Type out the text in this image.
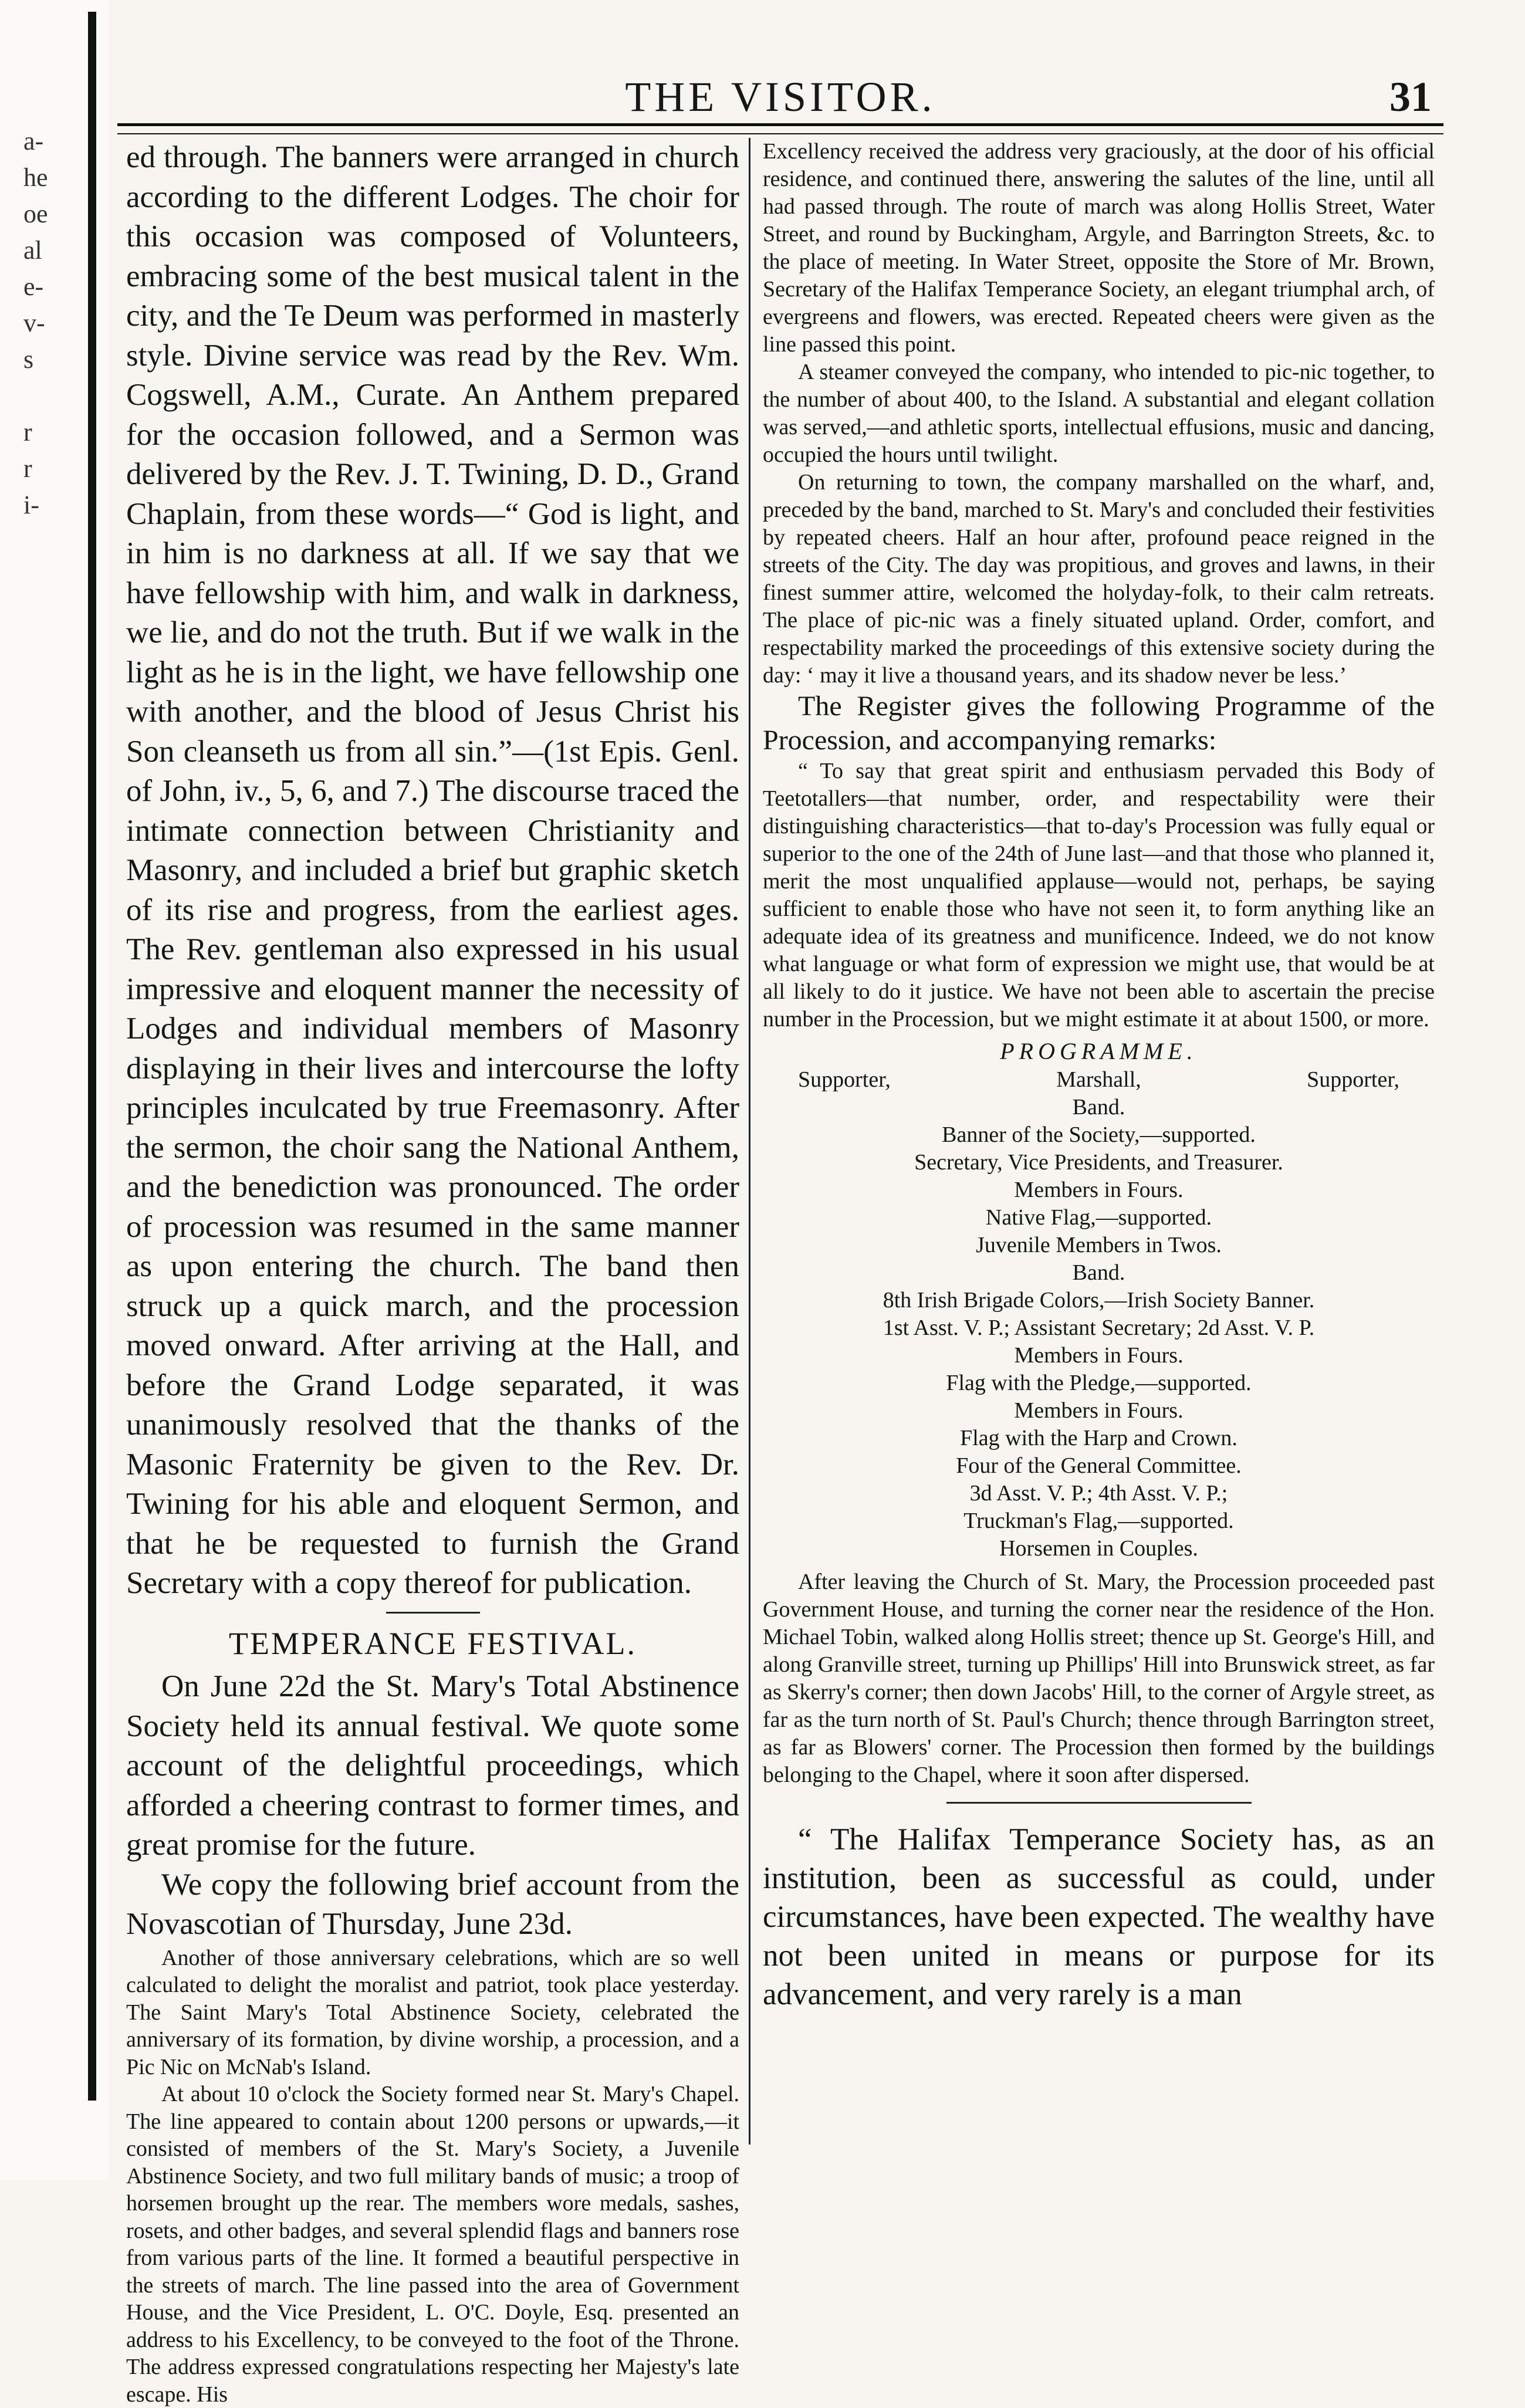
a-
he
oe
al
e-
v-
s
r
r
i-
THE VISITOR.	31

ed through. The banners were arranged in church according to the different Lodges. The choir for this occasion was composed of Volunteers, embracing some of the best musical talent in the city, and the Te Deum was performed in masterly style. Divine service was read by the Rev. Wm. Cogswell, A.M., Curate. An Anthem prepared for the occasion followed, and a Sermon was delivered by the Rev. J. T. Twining, D. D., Grand Chaplain, from these words—“ God is light, and in him is no darkness at all. If we say that we have fellowship with him, and walk in darkness, we lie, and do not the truth. But if we walk in the light as he is in the light, we have fellowship one with another, and the blood of Jesus Christ his Son cleanseth us from all sin.”—(1st Epis. Genl. of John, iv., 5, 6, and 7.) The discourse traced the intimate connection between Christianity and Masonry, and included a brief but graphic sketch of its rise and progress, from the earliest ages. The Rev. gentleman also expressed in his usual impressive and eloquent manner the necessity of Lodges and individual members of Masonry displaying in their lives and intercourse the lofty principles inculcated by true Freemasonry. After the sermon, the choir sang the National Anthem, and the benediction was pronounced. The order of procession was resumed in the same manner as upon entering the church. The band then struck up a quick march, and the procession moved onward. After arriving at the Hall, and before the Grand Lodge separated, it was unanimously resolved that the thanks of the Masonic Fraternity be given to the Rev. Dr. Twining for his able and eloquent Sermon, and that he be requested to furnish the Grand Secretary with a copy thereof for publication.

TEMPERANCE FESTIVAL.

On June 22d the St. Mary's Total Abstinence Society held its annual festival. We quote some account of the delightful proceedings, which afforded a cheering contrast to former times, and great promise for the future.

We copy the following brief account from the Novascotian of Thursday, June 23d.

Another of those anniversary celebrations, which are so well calculated to delight the moralist and patriot, took place yesterday. The Saint Mary's Total Abstinence Society, celebrated the anniversary of its formation, by divine worship, a procession, and a Pic Nic on McNab's Island.

At about 10 o'clock the Society formed near St. Mary's Chapel. The line appeared to contain about 1200 persons or upwards,—it consisted of members of the St. Mary's Society, a Juvenile Abstinence Society, and two full military bands of music; a troop of horsemen brought up the rear. The members wore medals, sashes, rosets, and other badges, and several splendid flags and banners rose from various parts of the line. It formed a beautiful perspective in the streets of march. The line passed into the area of Government House, and the Vice President, L. O'C. Doyle, Esq. presented an address to his Excellency, to be conveyed to the foot of the Throne. The address expressed congratulations respecting her Majesty's late escape. His

Excellency received the address very graciously, at the door of his official residence, and continued there, answering the salutes of the line, until all had passed through. The route of march was along Hollis Street, Water Street, and round by Buckingham, Argyle, and Barrington Streets, &c. to the place of meeting. In Water Street, opposite the Store of Mr. Brown, Secretary of the Halifax Temperance Society, an elegant triumphal arch, of evergreens and flowers, was erected. Repeated cheers were given as the line passed this point.

A steamer conveyed the company, who intended to pic-nic together, to the number of about 400, to the Island. A substantial and elegant collation was served,—and athletic sports, intellectual effusions, music and dancing, occupied the hours until twilight.

On returning to town, the company marshalled on the wharf, and, preceded by the band, marched to St. Mary's and concluded their festivities by repeated cheers. Half an hour after, profound peace reigned in the streets of the City. The day was propitious, and groves and lawns, in their finest summer attire, welcomed the holyday-folk, to their calm retreats. The place of pic-nic was a finely situated upland. Order, comfort, and respectability marked the proceedings of this extensive society during the day: ‘ may it live a thousand years, and its shadow never be less.’

The Register gives the following Programme of the Procession, and accompanying remarks:

“ To say that great spirit and enthusiasm pervaded this Body of Teetotallers—that number, order, and respectability were their distinguishing characteristics—that to-day's Procession was fully equal or superior to the one of the 24th of June last—and that those who planned it, merit the most unqualified applause—would not, perhaps, be saying sufficient to enable those who have not seen it, to form anything like an adequate idea of its greatness and munificence. Indeed, we do not know what language or what form of expression we might use, that would be at all likely to do it justice. We have not been able to ascertain the precise number in the Procession, but we might estimate it at about 1500, or more.

PROGRAMME.
Supporter,	Marshall,	Supporter,
Band.
Banner of the Society,—supported.
Secretary, Vice Presidents, and Treasurer.
Members in Fours.
Native Flag,—supported.
Juvenile Members in Twos.
Band.
8th Irish Brigade Colors,—Irish Society Banner.
1st Asst. V. P.; Assistant Secretary; 2d Asst. V. P.
Members in Fours.
Flag with the Pledge,—supported.
Members in Fours.
Flag with the Harp and Crown.
Four of the General Committee.
3d Asst. V. P.; 4th Asst. V. P.;
Truckman's Flag,—supported.
Horsemen in Couples.

After leaving the Church of St. Mary, the Procession proceeded past Government House, and turning the corner near the residence of the Hon. Michael Tobin, walked along Hollis street; thence up St. George's Hill, and along Granville street, turning up Phillips' Hill into Brunswick street, as far as Skerry's corner; then down Jacobs' Hill, to the corner of Argyle street, as far as the turn north of St. Paul's Church; thence through Barrington street, as far as Blowers' corner. The Procession then formed by the buildings belonging to the Chapel, where it soon after dispersed.

“ The Halifax Temperance Society has, as an institution, been as successful as could, under circumstances, have been expected. The wealthy have not been united in means or purpose for its advancement, and very rarely is a man
